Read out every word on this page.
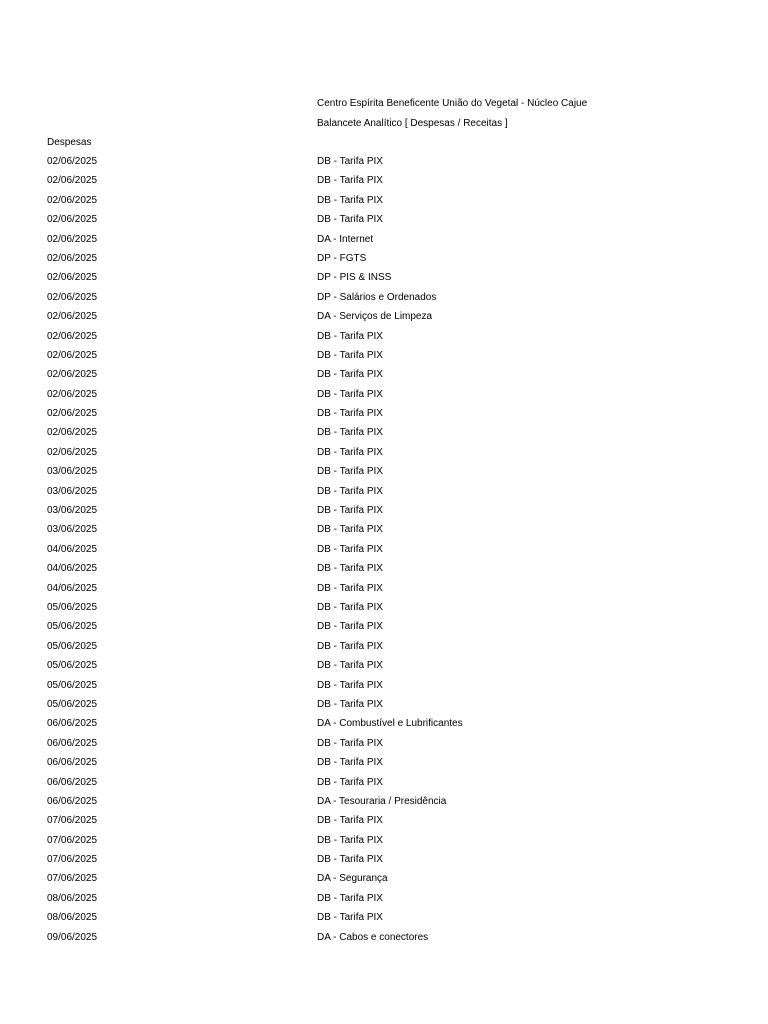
Centro Espírita Beneficente União do Vegetal - Núcleo Cajue
Balancete Analítico [ Despesas / Receitas ]
Despesas
02/06/2025	DB - Tarifa PIX
02/06/2025	DB - Tarifa PIX
02/06/2025	DB - Tarifa PIX
02/06/2025	DB - Tarifa PIX
02/06/2025	DA - Internet
02/06/2025	DP - FGTS
02/06/2025	DP - PIS & INSS
02/06/2025	DP - Salários e Ordenados
02/06/2025	DA - Serviços de Limpeza
02/06/2025	DB - Tarifa PIX
02/06/2025	DB - Tarifa PIX
02/06/2025	DB - Tarifa PIX
02/06/2025	DB - Tarifa PIX
02/06/2025	DB - Tarifa PIX
02/06/2025	DB - Tarifa PIX
02/06/2025	DB - Tarifa PIX
03/06/2025	DB - Tarifa PIX
03/06/2025	DB - Tarifa PIX
03/06/2025	DB - Tarifa PIX
03/06/2025	DB - Tarifa PIX
04/06/2025	DB - Tarifa PIX
04/06/2025	DB - Tarifa PIX
04/06/2025	DB - Tarifa PIX
05/06/2025	DB - Tarifa PIX
05/06/2025	DB - Tarifa PIX
05/06/2025	DB - Tarifa PIX
05/06/2025	DB - Tarifa PIX
05/06/2025	DB - Tarifa PIX
05/06/2025	DB - Tarifa PIX
06/06/2025	DA - Combustível e Lubrificantes
06/06/2025	DB - Tarifa PIX
06/06/2025	DB - Tarifa PIX
06/06/2025	DB - Tarifa PIX
06/06/2025	DA - Tesouraria / Presidência
07/06/2025	DB - Tarifa PIX
07/06/2025	DB - Tarifa PIX
07/06/2025	DB - Tarifa PIX
07/06/2025	DA - Segurança
08/06/2025	DB - Tarifa PIX
08/06/2025	DB - Tarifa PIX
09/06/2025	DA - Cabos e conectores
